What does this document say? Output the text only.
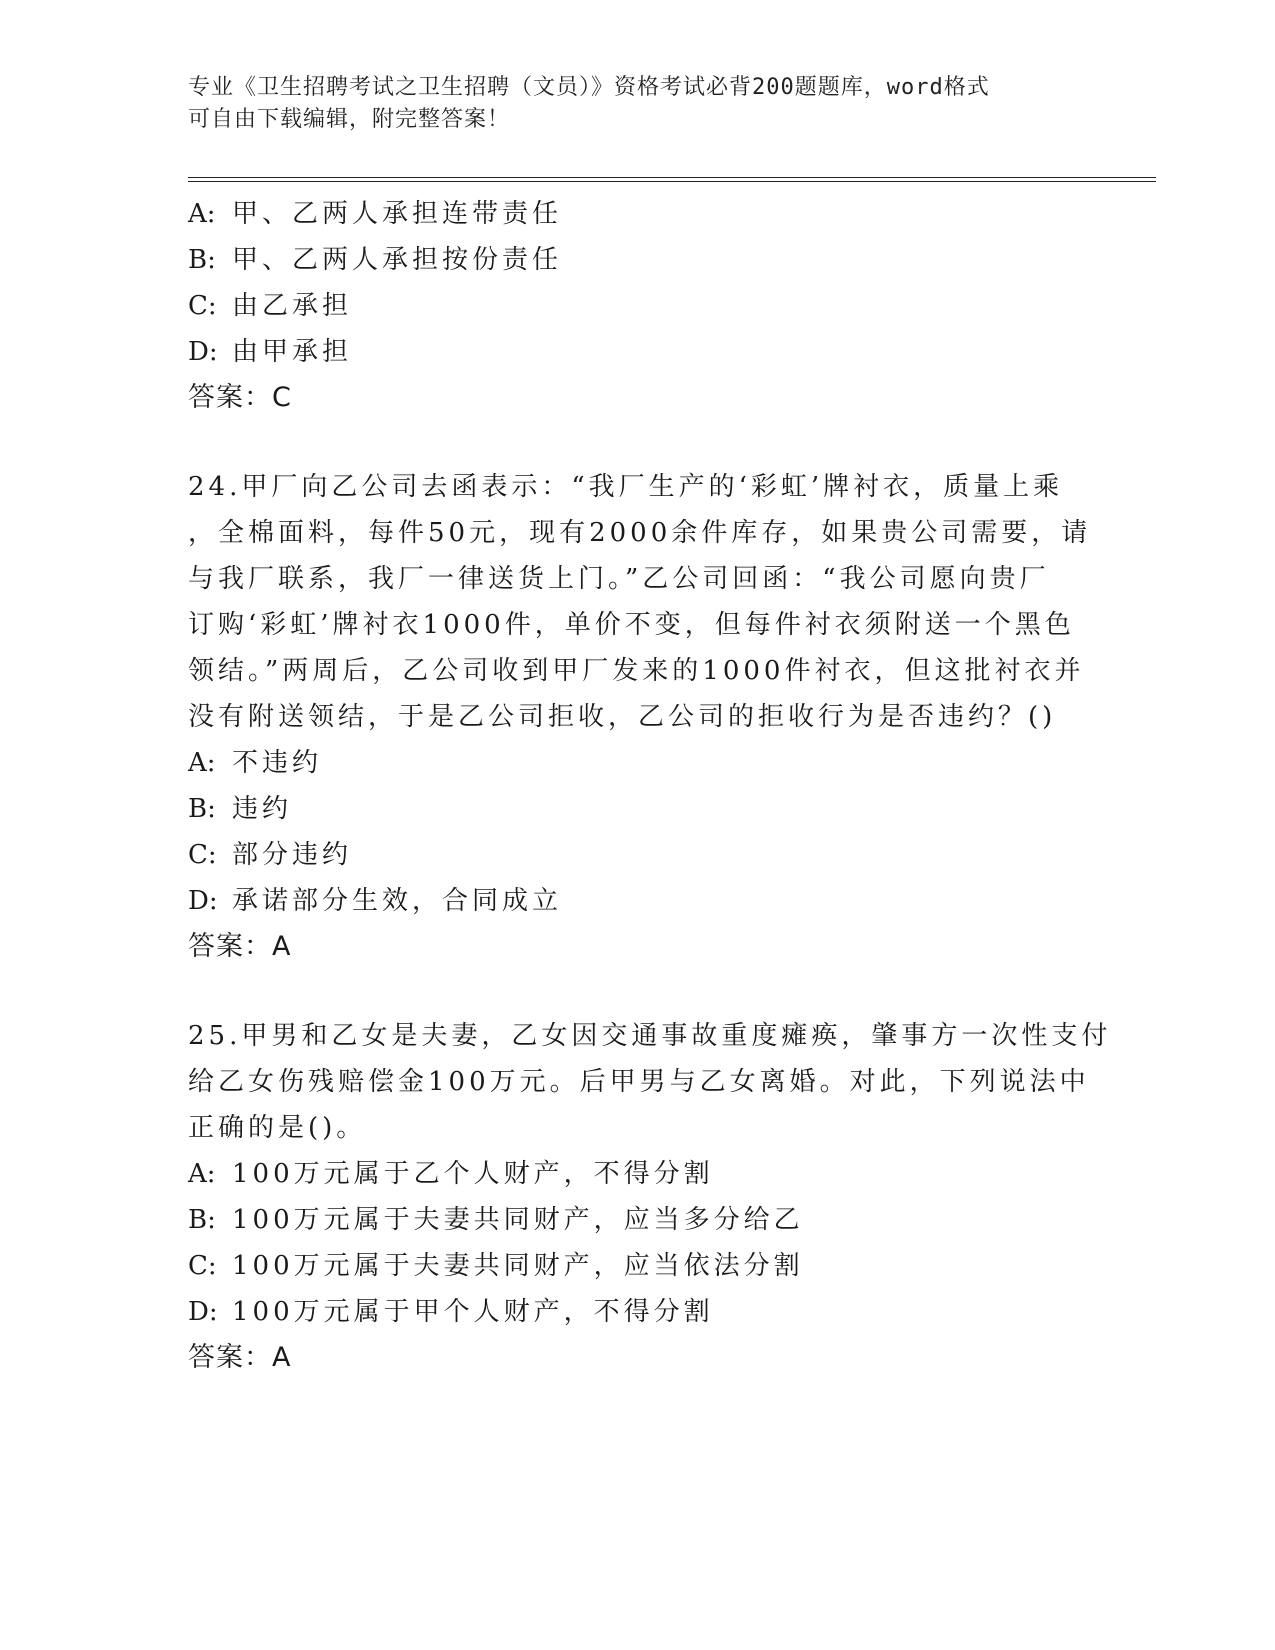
专业《卫生招聘考试之卫生招聘（文员）》资格考试必背200题题库，word格式
可自由下载编辑，附完整答案！
A: 甲、乙两人承担连带责任
B: 甲、乙两人承担按份责任
C: 由乙承担
D: 由甲承担
答案：C
24.甲厂向乙公司去函表示：“我厂生产的‘彩虹’牌衬衣，质量上乘
，全棉面料，每件50元，现有2000余件库存，如果贵公司需要，请
与我厂联系，我厂一律送货上门。”乙公司回函：“我公司愿向贵厂
订购‘彩虹’牌衬衣1000件，单价不变，但每件衬衣须附送一个黑色
领结。”两周后，乙公司收到甲厂发来的1000件衬衣，但这批衬衣并
没有附送领结，于是乙公司拒收，乙公司的拒收行为是否违约？()
A: 不违约
B: 违约
C: 部分违约
D: 承诺部分生效，合同成立
答案：A
25.甲男和乙女是夫妻，乙女因交通事故重度瘫痪，肇事方一次性支付
给乙女伤残赔偿金100万元。后甲男与乙女离婚。对此，下列说法中
正确的是()。
A: 100万元属于乙个人财产，不得分割
B: 100万元属于夫妻共同财产，应当多分给乙
C: 100万元属于夫妻共同财产，应当依法分割
D: 100万元属于甲个人财产，不得分割
答案：A
